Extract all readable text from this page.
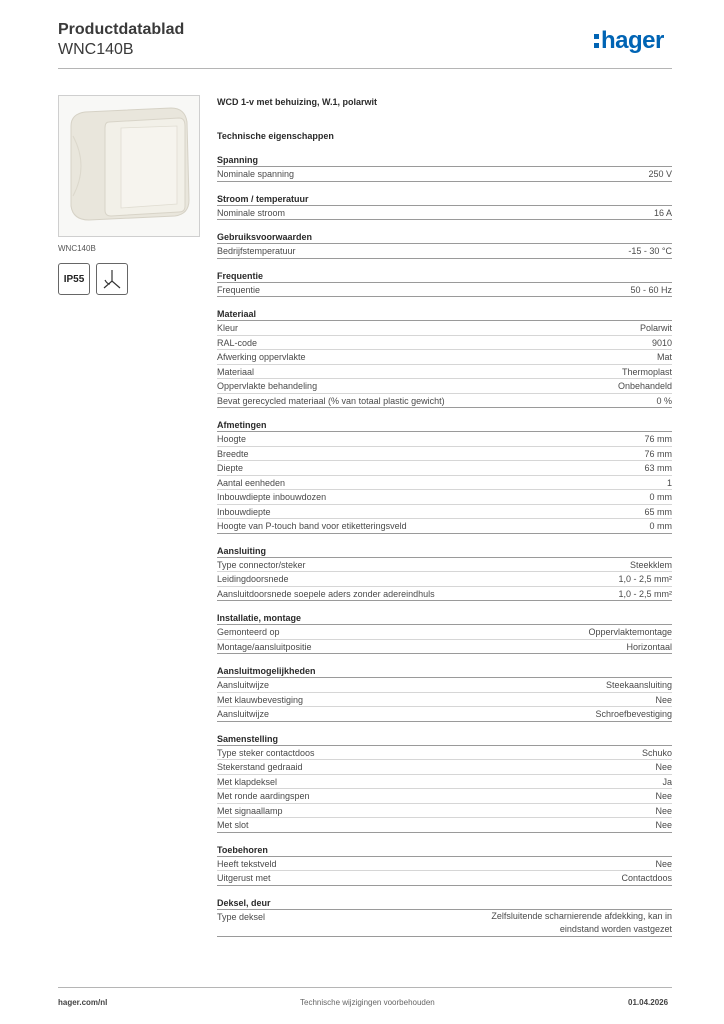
Productdatablad
WNC140B	hager
WNC140B
IP55
WCD 1-v met behuizing, W.1, polarwit
Technische eigenschappen
Spanning
Nominale spanning	250 V
Stroom / temperatuur
Nominale stroom	16 A
Gebruiksvoorwaarden
Bedrijfstemperatuur	-15 - 30 °C
Frequentie
Frequentie	50 - 60 Hz
Materiaal
Kleur	Polarwit
RAL-code	9010
Afwerking oppervlakte	Mat
Materiaal	Thermoplast
Oppervlakte behandeling	Onbehandeld
Bevat gerecycled materiaal (% van totaal plastic gewicht)	0 %
Afmetingen
Hoogte	76 mm
Breedte	76 mm
Diepte	63 mm
Aantal eenheden	1
Inbouwdiepte inbouwdozen	0 mm
Inbouwdiepte	65 mm
Hoogte van P-touch band voor etiketteringsveld	0 mm
Aansluiting
Type connector/steker	Steekklem
Leidingdoorsnede	1,0 - 2,5 mm²
Aansluitdoorsnede soepele aders zonder adereindhuls	1,0 - 2,5 mm²
Installatie, montage
Gemonteerd op	Oppervlaktemontage
Montage/aansluitpositie	Horizontaal
Aansluitmogelijkheden
Aansluitwijze	Steekaansluiting
Met klauwbevestiging	Nee
Aansluitwijze	Schroefbevestiging
Samenstelling
Type steker contactdoos	Schuko
Stekerstand gedraaid	Nee
Met klapdeksel	Ja
Met ronde aardingspen	Nee
Met signaallamp	Nee
Met slot	Nee
Toebehoren
Heeft tekstveld	Nee
Uitgerust met	Contactdoos
Deksel, deur
Type deksel	Zelfsluitende scharnierende afdekking, kan in eindstand worden vastgezet
hager.com/nl	Technische wijzigingen voorbehouden	01.04.2026
